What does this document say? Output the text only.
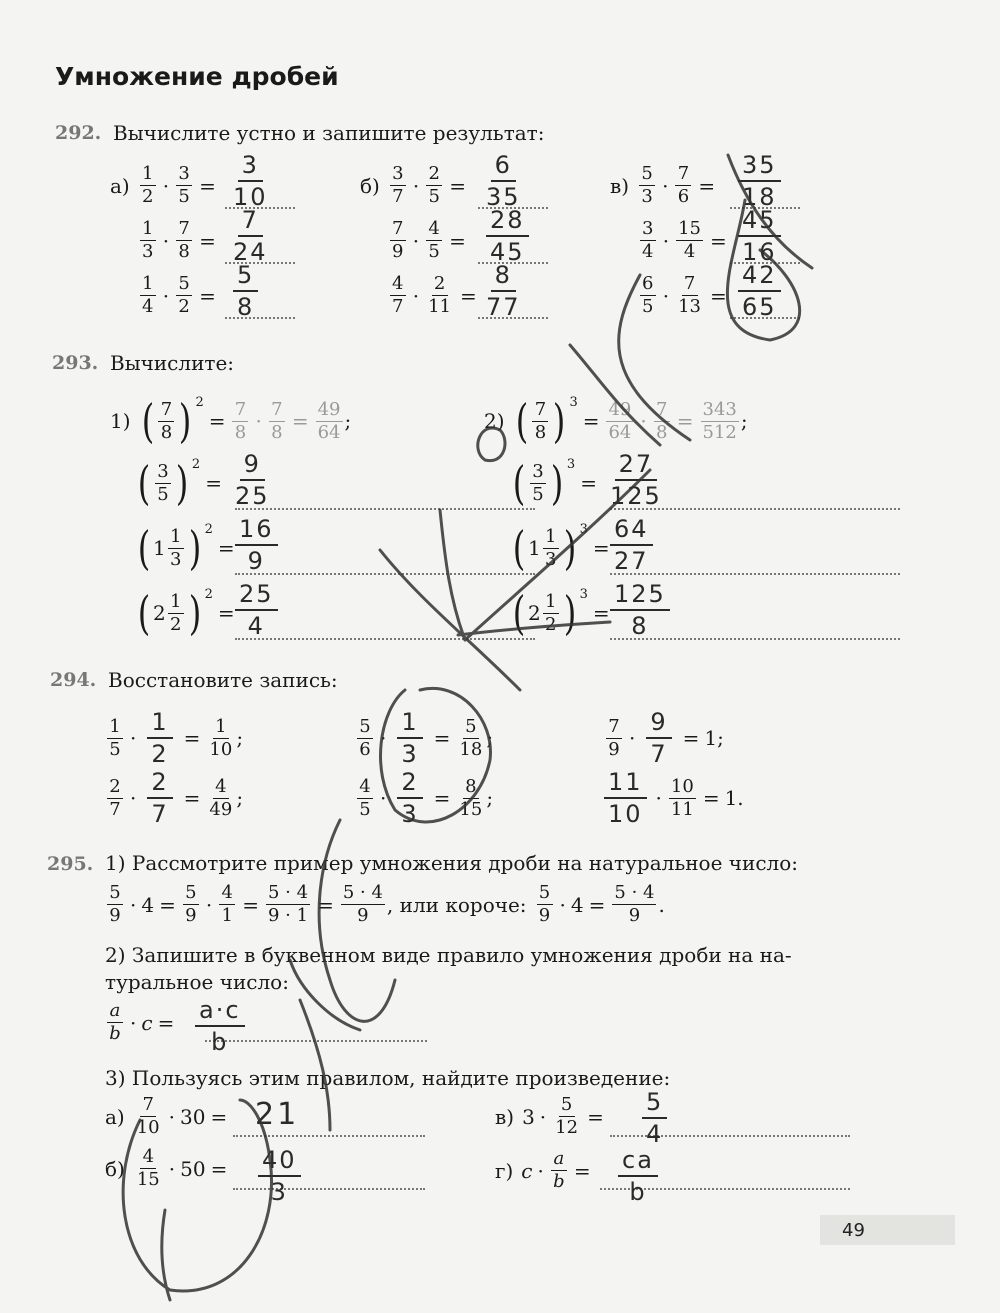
Умножение дробей
292. Вычислите устно и запишите результат:
$а) \frac{1}{2} \cdot \frac{3}{5}$ =
3
10
$\frac{1}{3} \cdot \frac{7}{8}$ =
7
24
$\frac{1}{4} \cdot \frac{5}{2}$ =
5
8
$б) \frac{3}{7} \cdot \frac{2}{5}$ =
6
35
$\frac{7}{9} \cdot \frac{4}{5}$ =
28
45
$\frac{4}{7} \cdot \frac{2}{11}$ =
8
77
$в) \frac{5}{3} \cdot \frac{7}{6}$ =
35
18
$\frac{3}{4} \cdot \frac{15}{4}$ =
45
16
$\frac{6}{5} \cdot \frac{7}{13}$ =
42
65
293. Вычислите:
1) ( $\frac{7}{8}$ ) 2
= $\frac{7}{8} \cdot \frac{7}{8} = \frac{49}{64}$ ;	2) ( $\frac{7}{8}$ ) 3
= $\frac{49}{64} \cdot \frac{7}{8} = \frac{343}{512}$ ;
( $\frac{3}{5}$ ) 2
=
9
25
( $1 \frac{1}{3}$ ) 2
=
16
9
( $2 \frac{1}{2}$ ) 2
=
25
4
( $\frac{3}{5}$ ) 3
=
27
125
( $1 \frac{1}{3}$ ) 3
=
64
27
( $2 \frac{1}{2}$ ) 3
=
125
8
294. Восстановите запись:
$\frac{1}{5} \cdot \frac{1}{2} = \frac{1}{10}$ ;
$\frac{2}{7} \cdot \frac{2}{7} = \frac{4}{49}$ ;
$\frac{5}{6} \cdot \frac{1}{3} = \frac{5}{18}$ ;
$\frac{4}{5} \cdot \frac{2}{3} = \frac{8}{15}$ ;
$\frac{7}{9} \cdot \frac{9}{7} = 1$;
11
10
· $\frac{10}{11} = 1$.
295. 1) Рассмотрите пример умножения дроби на натуральное число:
$\frac{5}{9} \cdot 4 = \frac{5}{9} \cdot \frac{4}{1} = \frac{5 \cdot 4}{9 \cdot 1} = \frac{5 \cdot 4}{9}$ , или короче: $\frac{5}{9} \cdot 4 = \frac{5 \cdot 4}{9}$ .
2) Запишите в буквенном виде правило умножения дроби на на-
туральное число:
$\frac{a}{b} \cdot c = a\cdot c$
b
3) Пользуясь этим правилом, найдите произведение:
$а) \frac{7}{10} \cdot 30 = 21$
$б) \frac{4}{15} \cdot 50 = 40$
3
в) $3 \cdot \frac{5}{12}$ =
5
4
г) $c \cdot \frac{a}{b}$ = ca
b
49
